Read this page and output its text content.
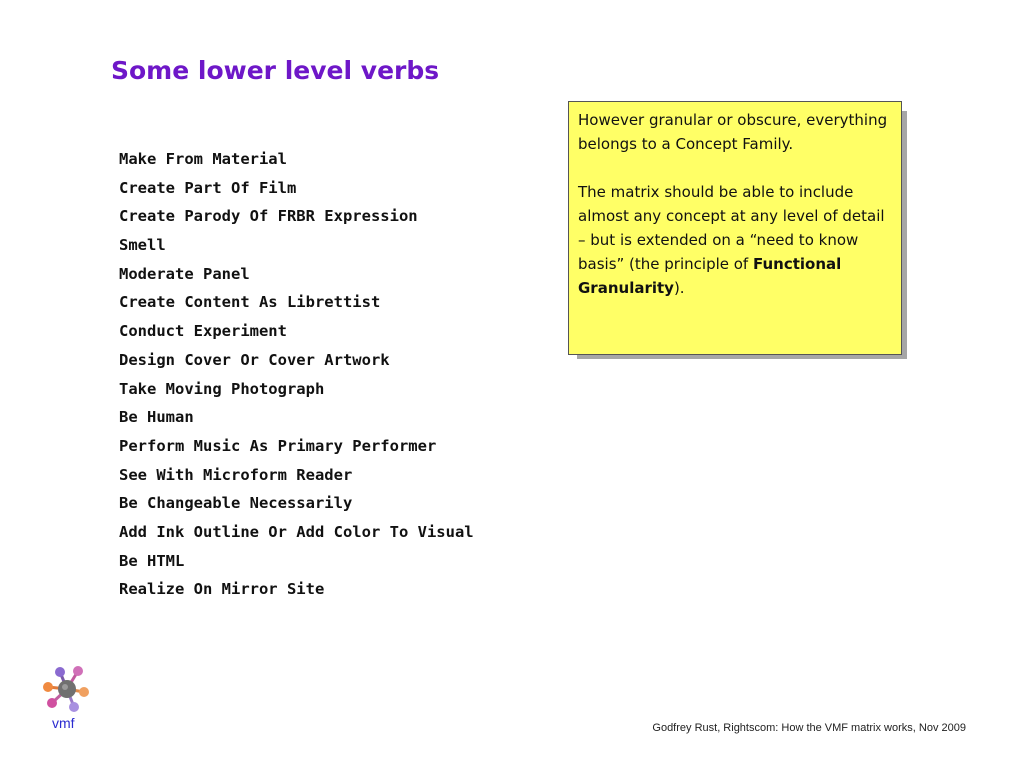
Some lower level verbs
Make From Material
Create Part Of Film
Create Parody Of FRBR Expression
Smell
Moderate Panel
Create Content As Librettist
Conduct Experiment
Design Cover Or Cover Artwork
Take Moving Photograph
Be Human
Perform Music As Primary Performer
See With Microform Reader
Be Changeable Necessarily
Add Ink Outline Or Add Color To Visual
Be HTML
Realize On Mirror Site

However granular or obscure, everything belongs to a Concept Family.

The matrix should be able to include almost any concept at any level of detail – but is extended on a “need to know basis” (the principle of Functional Granularity).

vmf	Godfrey Rust, Rightscom: How the VMF matrix works, Nov 2009
